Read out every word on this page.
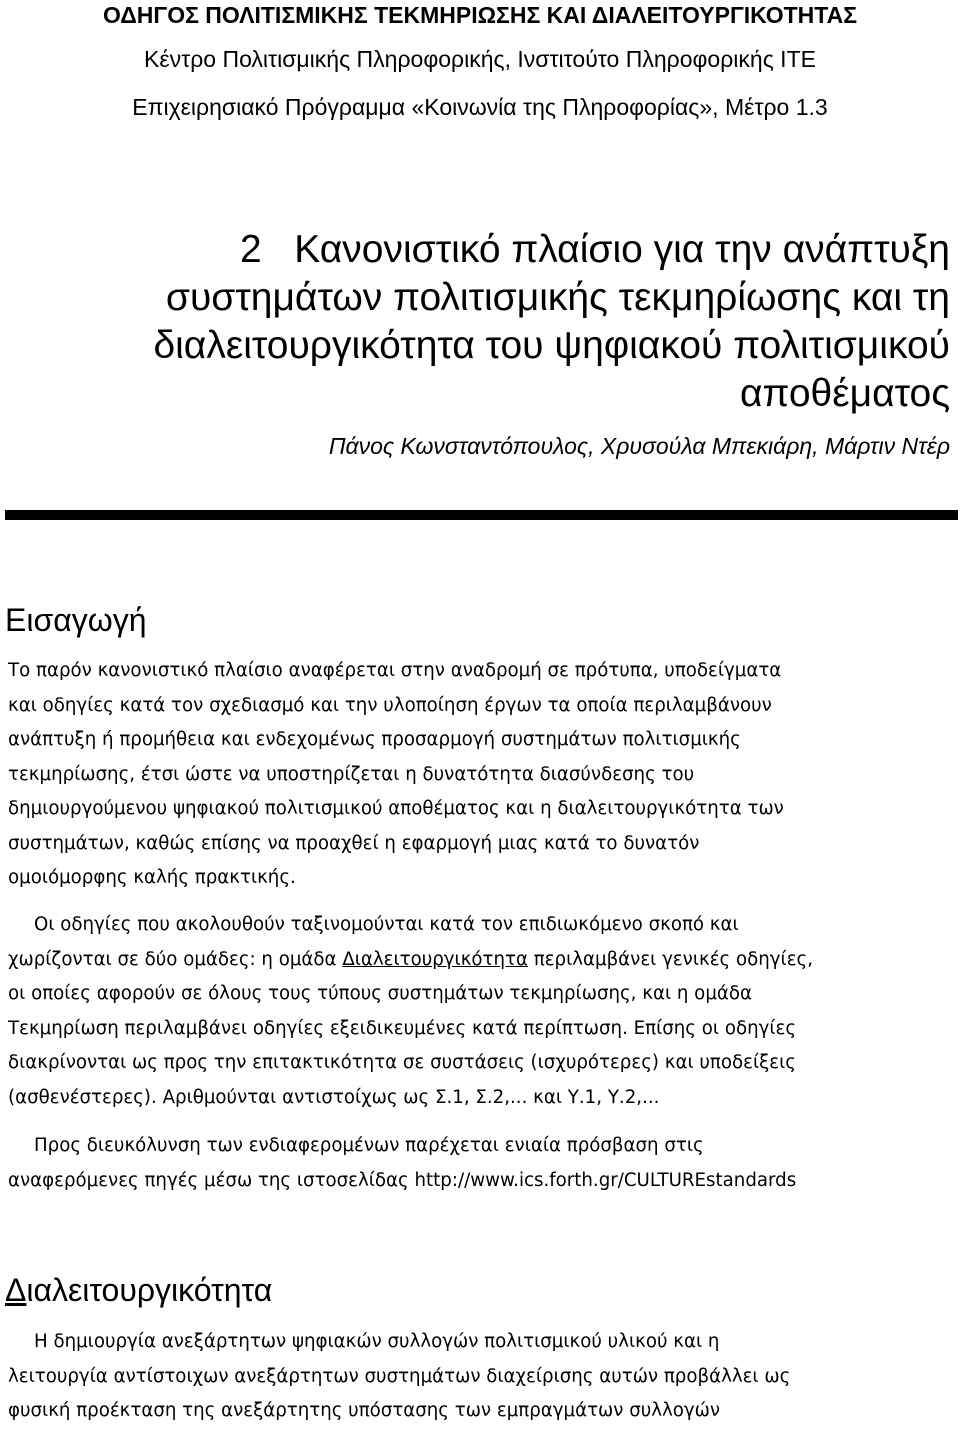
ΟΔΗΓΟΣ ΠΟΛΙΤΙΣΜΙΚΗΣ ΤΕΚΜΗΡΙΩΣΗΣ ΚΑΙ ΔΙΑΛΕΙΤΟΥΡΓΙΚΟΤΗΤΑΣ
Κέντρο Πολιτισμικής Πληροφορικής, Ινστιτούτο Πληροφορικής ΙΤΕ
Επιχειρησιακό Πρόγραμμα «Κοινωνία της Πληροφορίας», Μέτρο 1.3
2   Κανονιστικό πλαίσιο για την ανάπτυξη
συστημάτων πολιτισμικής τεκμηρίωσης και τη
διαλειτουργικότητα του ψηφιακού πολιτισμικού
αποθέματος
Πάνος Κωνσταντόπουλος, Χρυσούλα Μπεκιάρη, Μάρτιν Ντέρ
Εισαγωγή
Το παρόν κανονιστικό πλαίσιο αναφέρεται στην αναδρομή σε πρότυπα, υποδείγματα
και οδηγίες κατά τον σχεδιασμό και την υλοποίηση έργων τα οποία περιλαμβάνουν
ανάπτυξη ή προμήθεια και ενδεχομένως προσαρμογή συστημάτων πολιτισμικής
τεκμηρίωσης, έτσι ώστε να υποστηρίζεται η δυνατότητα διασύνδεσης του
δημιουργούμενου ψηφιακού πολιτισμικού αποθέματος και η διαλειτουργικότητα των
συστημάτων, καθώς επίσης να προαχθεί η εφαρμογή μιας κατά το δυνατόν
ομοιόμορφης καλής πρακτικής.
Οι οδηγίες που ακολουθούν ταξινομούνται κατά τον επιδιωκόμενο σκοπό και
χωρίζονται σε δύο ομάδες: η ομάδα Διαλειτουργικότητα περιλαμβάνει γενικές οδηγίες,
οι οποίες αφορούν σε όλους τους τύπους συστημάτων τεκμηρίωσης, και η ομάδα
Τεκμηρίωση περιλαμβάνει οδηγίες εξειδικευμένες κατά περίπτωση. Επίσης οι οδηγίες
διακρίνονται ως προς την επιτακτικότητα σε συστάσεις (ισχυρότερες) και υποδείξεις
(ασθενέστερες). Αριθμούνται αντιστοίχως ως Σ.1, Σ.2,... και Υ.1, Υ.2,...
Προς διευκόλυνση των ενδιαφερομένων παρέχεται ενιαία πρόσβαση στις
αναφερόμενες πηγές μέσω της ιστοσελίδας http://www.ics.forth.gr/CULTUREstandards
Διαλειτουργικότητα
Η δημιουργία ανεξάρτητων ψηφιακών συλλογών πολιτισμικού υλικού και η
λειτουργία αντίστοιχων ανεξάρτητων συστημάτων διαχείρισης αυτών προβάλλει ως
φυσική προέκταση της ανεξάρτητης υπόστασης των εμπραγμάτων συλλογών
